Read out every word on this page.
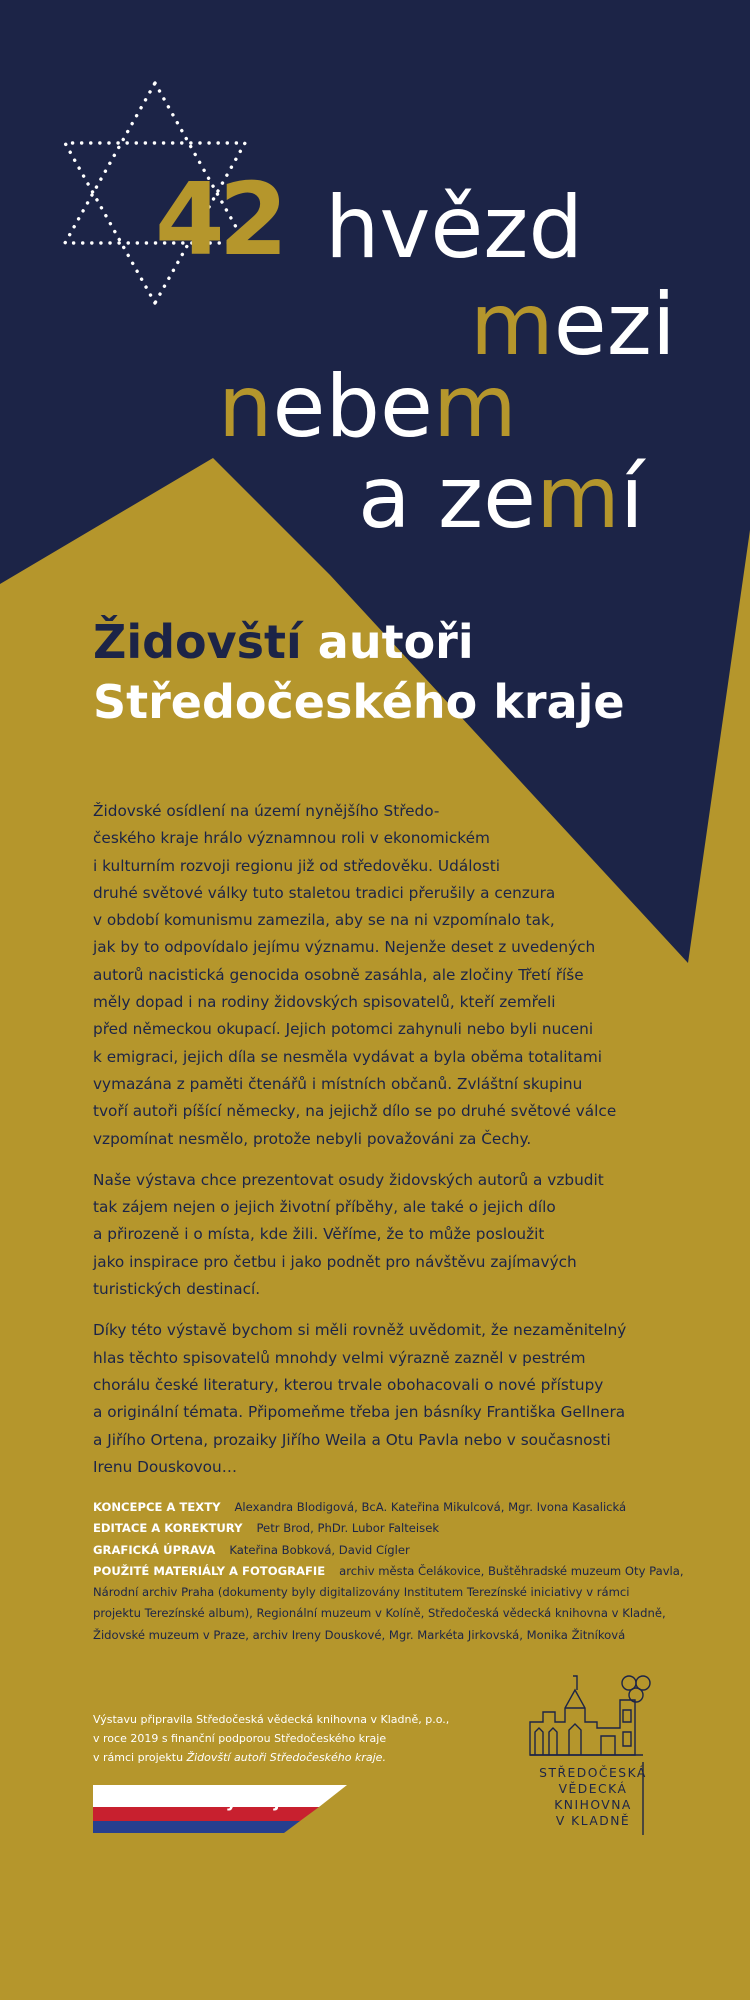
42 hvězd
mezi
nebem
a zemí
Židovští autoři
Středočeského kraje
Židovské osídlení na území nynějšího Středo-
českého kraje hrálo významnou roli v ekonomickém
i kulturním rozvoji regionu již od středověku. Události
druhé světové války tuto staletou tradici přerušily a cenzura
v období komunismu zamezila, aby se na ni vzpomínalo tak,
jak by to odpovídalo jejímu významu. Nejenže deset z uvedených
autorů nacistická genocida osobně zasáhla, ale zločiny Třetí říše
měly dopad i na rodiny židovských spisovatelů, kteří zemřeli
před německou okupací. Jejich potomci zahynuli nebo byli nuceni
k emigraci, jejich díla se nesměla vydávat a byla oběma totalitami
vymazána z paměti čtenářů i místních občanů. Zvláštní skupinu
tvoří autoři píšící německy, na jejichž dílo se po druhé světové válce
vzpomínat nesmělo, protože nebyli považováni za Čechy.
Naše výstava chce prezentovat osudy židovských autorů a vzbudit
tak zájem nejen o jejich životní příběhy, ale také o jejich dílo
a přirozeně i o místa, kde žili. Věříme, že to může posloužit
jako inspirace pro četbu i jako podnět pro návštěvu zajímavých
turistických destinací.
Díky této výstavě bychom si měli rovněž uvědomit, že nezaměnitelný
hlas těchto spisovatelů mnohdy velmi výrazně zazněl v pestrém
chorálu české literatury, kterou trvale obohacovali o nové přístupy
a originální témata. Připomeňme třeba jen básníky Františka Gellnera
a Jiřího Ortena, prozaiky Jiřího Weila a Otu Pavla nebo v současnosti
Irenu Douskovou…
KONCEPCE A TEXTY Alexandra Blodigová, BcA. Kateřina Mikulcová, Mgr. Ivona Kasalická
EDITACE A KOREKTURY Petr Brod, PhDr. Lubor Falteisek
GRAFICKÁ ÚPRAVA Kateřina Bobková, David Cígler
POUŽITÉ MATERIÁLY A FOTOGRAFIE archiv města Čelákovice, Buštěhradské muzeum Oty Pavla,
Národní archiv Praha (dokumenty byly digitalizovány Institutem Terezínské iniciativy v rámci
projektu Terezínské album), Regionální muzeum v Kolíně, Středočeská vědecká knihovna v Kladně,
Židovské muzeum v Praze, archiv Ireny Douskové, Mgr. Markéta Jirkovská, Monika Žitníková
Výstavu připravila Středočeská vědecká knihovna v Kladně, p.o.,
v roce 2019 s finanční podporou Středočeského kraje
v rámci projektu Židovští autoři Středočeského kraje.
Středočeský kraj
STŘEDOČESKÁ
VĚDECKÁ
KNIHOVNA
V KLADNĚ
